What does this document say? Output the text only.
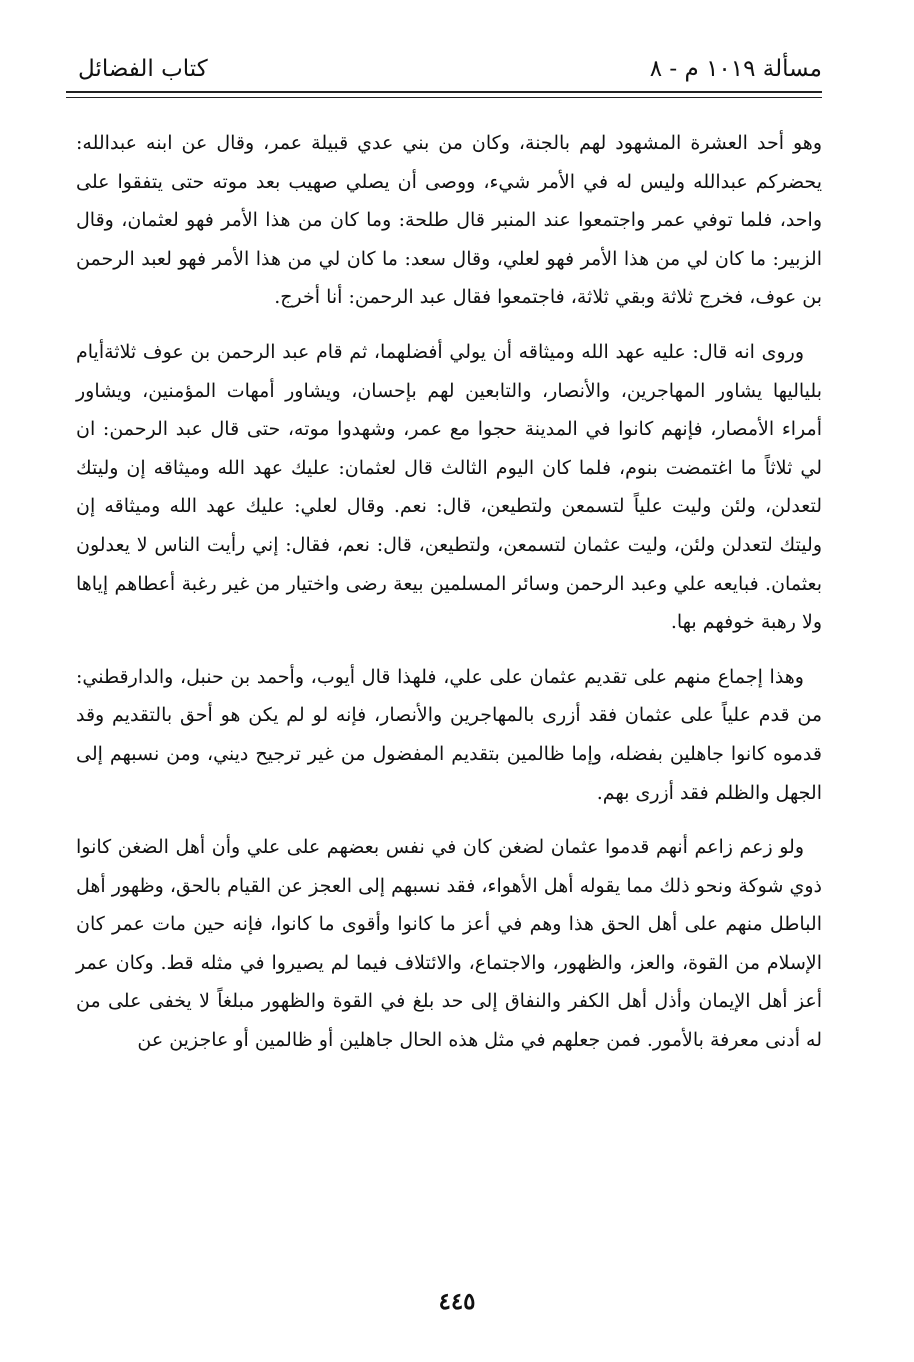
مسألة ١٠١٩ م - ٨
كتاب الفضائل

وهو أحد العشرة المشهود لهم بالجنة، وكان من بني عدي قبيلة عمر، وقال عن ابنه عبدالله: يحضركم عبدالله وليس له في الأمر شيء، ووصى أن يصلي صهيب بعد موته حتى يتفقوا على واحد، فلما توفي عمر واجتمعوا عند المنبر قال طلحة: وما كان من هذا الأمر فهو لعثمان، وقال الزبير: ما كان لي من هذا الأمر فهو لعلي، وقال سعد: ما كان لي من هذا الأمر فهو لعبد الرحمن بن عوف، فخرج ثلاثة وبقي ثلاثة، فاجتمعوا فقال عبد الرحمن: أنا أخرج.

وروى انه قال: عليه عهد الله وميثاقه أن يولي أفضلهما، ثم قام عبد الرحمن بن عوف ثلاثةأيام بلياليها يشاور المهاجرين، والأنصار، والتابعين لهم بإحسان، ويشاور أمهات المؤمنين، ويشاور أمراء الأمصار، فإنهم كانوا في المدينة حجوا مع عمر، وشهدوا موته، حتى قال عبد الرحمن: ان لي ثلاثاً ما اغتمضت بنوم، فلما كان اليوم الثالث قال لعثمان: عليك عهد الله وميثاقه إن وليتك لتعدلن، ولئن وليت علياً لتسمعن ولتطيعن، قال: نعم. وقال لعلي: عليك عهد الله وميثاقه إن وليتك لتعدلن ولئن، وليت عثمان لتسمعن، ولتطيعن، قال: نعم، فقال: إني رأيت الناس لا يعدلون بعثمان. فبايعه علي وعبد الرحمن وسائر المسلمين بيعة رضى واختيار من غير رغبة أعطاهم إياها ولا رهبة خوفهم بها.

وهذا إجماع منهم على تقديم عثمان على علي، فلهذا قال أيوب، وأحمد بن حنبل، والدارقطني: من قدم علياً على عثمان فقد أزرى بالمهاجرين والأنصار، فإنه لو لم يكن هو أحق بالتقديم وقد قدموه كانوا جاهلين بفضله، وإما ظالمين بتقديم المفضول من غير ترجيح ديني، ومن نسبهم إلى الجهل والظلم فقد أزرى بهم.

ولو زعم زاعم أنهم قدموا عثمان لضغن كان في نفس بعضهم على علي وأن أهل الضغن كانوا ذوي شوكة ونحو ذلك مما يقوله أهل الأهواء، فقد نسبهم إلى العجز عن القيام بالحق، وظهور أهل الباطل منهم على أهل الحق هذا وهم في أعز ما كانوا وأقوى ما كانوا، فإنه حين مات عمر كان الإسلام من القوة، والعز، والظهور، والاجتماع، والائتلاف فيما لم يصيروا في مثله قط. وكان عمر أعز أهل الإيمان وأذل أهل الكفر والنفاق إلى حد بلغ في القوة والظهور مبلغاً لا يخفى على من له أدنى معرفة بالأمور. فمن جعلهم في مثل هذه الحال جاهلين أو ظالمين أو عاجزين عن

٤٤٥
